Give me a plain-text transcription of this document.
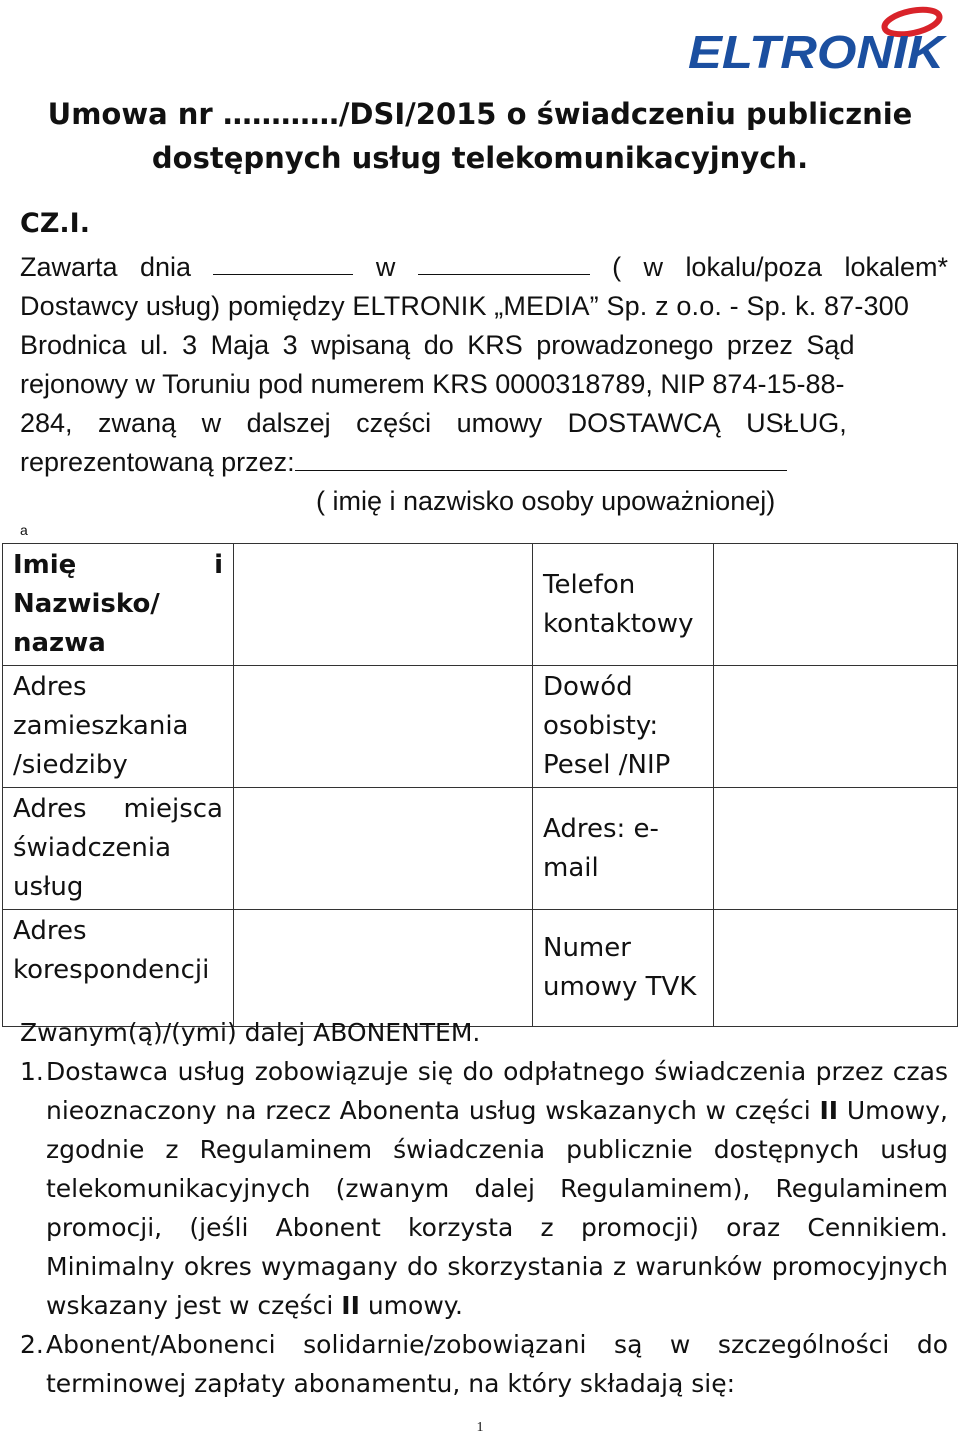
ELTRONIK
Umowa nr …………/DSI/2015 o świadczeniu publicznie
dostępnych usług telekomunikacyjnych.
CZ.I.
Zawarta dnia	w	( w lokalu/poza lokalem*
Dostawcy usług) pomiędzy ELTRONIK „MEDIA” Sp. z o.o. - Sp. k. 87-300
Brodnica ul. 3 Maja 3 wpisaną do KRS prowadzonego przez Sąd
rejonowy w Toruniu pod numerem KRS 0000318789, NIP 874-15-88-
284, zwaną w dalszej części umowy DOSTAWCĄ USŁUG,
reprezentowaną przez:
( imię i nazwisko osoby upoważnionej)
a
Imię i Nazwisko/ nazwa		Telefon kontaktowy	
Adres zamieszkania /siedziby		Dowód osobisty: Pesel /NIP	
Adres miejsca świadczenia usług		Adres: e-mail	
Adres korespondencji		Numer umowy TVK	
Zwanym(ą)/(ymi) dalej ABONENTEM.
1. Dostawca usług zobowiązuje się do odpłatnego świadczenia przez czas nieoznaczony na rzecz Abonenta usług wskazanych w części II Umowy, zgodnie z Regulaminem świadczenia publicznie dostępnych usług telekomunikacyjnych (zwanym dalej Regulaminem), Regulaminem promocji, (jeśli Abonent korzysta z promocji) oraz Cennikiem. Minimalny okres wymagany do skorzystania z warunków promocyjnych wskazany jest w części II umowy.
2. Abonent/Abonenci solidarnie/zobowiązani są w szczególności do terminowej zapłaty abonamentu, na który składają się:
1
